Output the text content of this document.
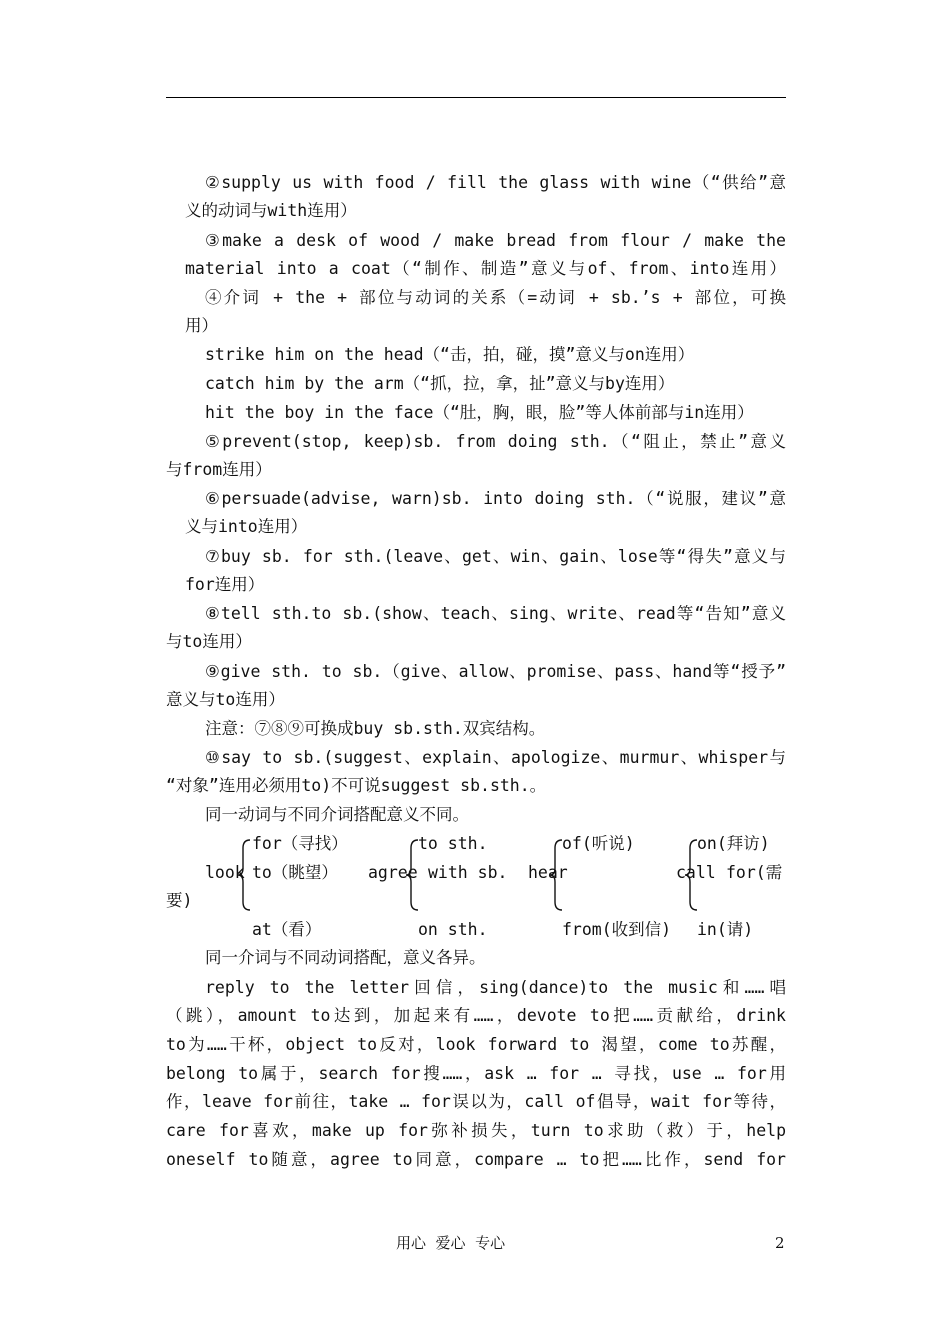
②supply us with food / fill the glass with wine（“供给”意
义的动词与with连用）
③make a desk of wood / make bread from flour / make the
material into a coat（“制作、制造”意义与of、from、into连用）
④介词 + the + 部位与动词的关系（=动词 + sb.’s + 部位，可换
用）
strike him on the head（“击，拍，碰，摸”意义与on连用）
catch him by the arm（“抓，拉，拿，扯”意义与by连用）
hit the boy in the face（“肚，胸，眼，脸”等人体前部与in连用）
⑤prevent(stop, keep)sb. from doing sth.（“阻止，禁止”意义
与from连用）
⑥persuade(advise, warn)sb. into doing sth.（“说服，建议”意
义与into连用）
⑦buy sb. for sth.(leave、get、win、gain、lose等“得失”意义与
for连用）
⑧tell sth.to sb.(show、teach、sing、write、read等“告知”意义
与to连用）
⑨give sth. to sb.（give、allow、promise、pass、hand等“授予”
意义与to连用）
注意：⑦⑧⑨可换成buy sb.sth.双宾结构。
⑩say to sb.(suggest、explain、apologize、murmur、whisper与
“对象”连用必须用to)不可说suggest sb.sth.。
同一动词与不同介词搭配意义不同。
for（寻找）
look to（眺望）
at（看）
agree
to sth.
with sb.
on sth.
hear
of(听说)
from(收到信)
call
on(拜访)
for(需
要)
in(请)
同一介词与不同动词搭配，意义各异。
reply to the letter回信，sing(dance)to the music和……唱
（跳），amount to达到，加起来有……，devote to把……贡献给，drink
to为……干杯，object to反对，look forward to 渴望，come to苏醒，
belong to属于，search for搜……，ask … for … 寻找，use … for用
作，leave for前往，take … for误以为，call of倡导，wait for等待，
care for喜欢，make up for弥补损失，turn to求助（救）于，help
oneself to随意，agree to同意，compare … to把……比作，send for
用心  爱心  专心	2
